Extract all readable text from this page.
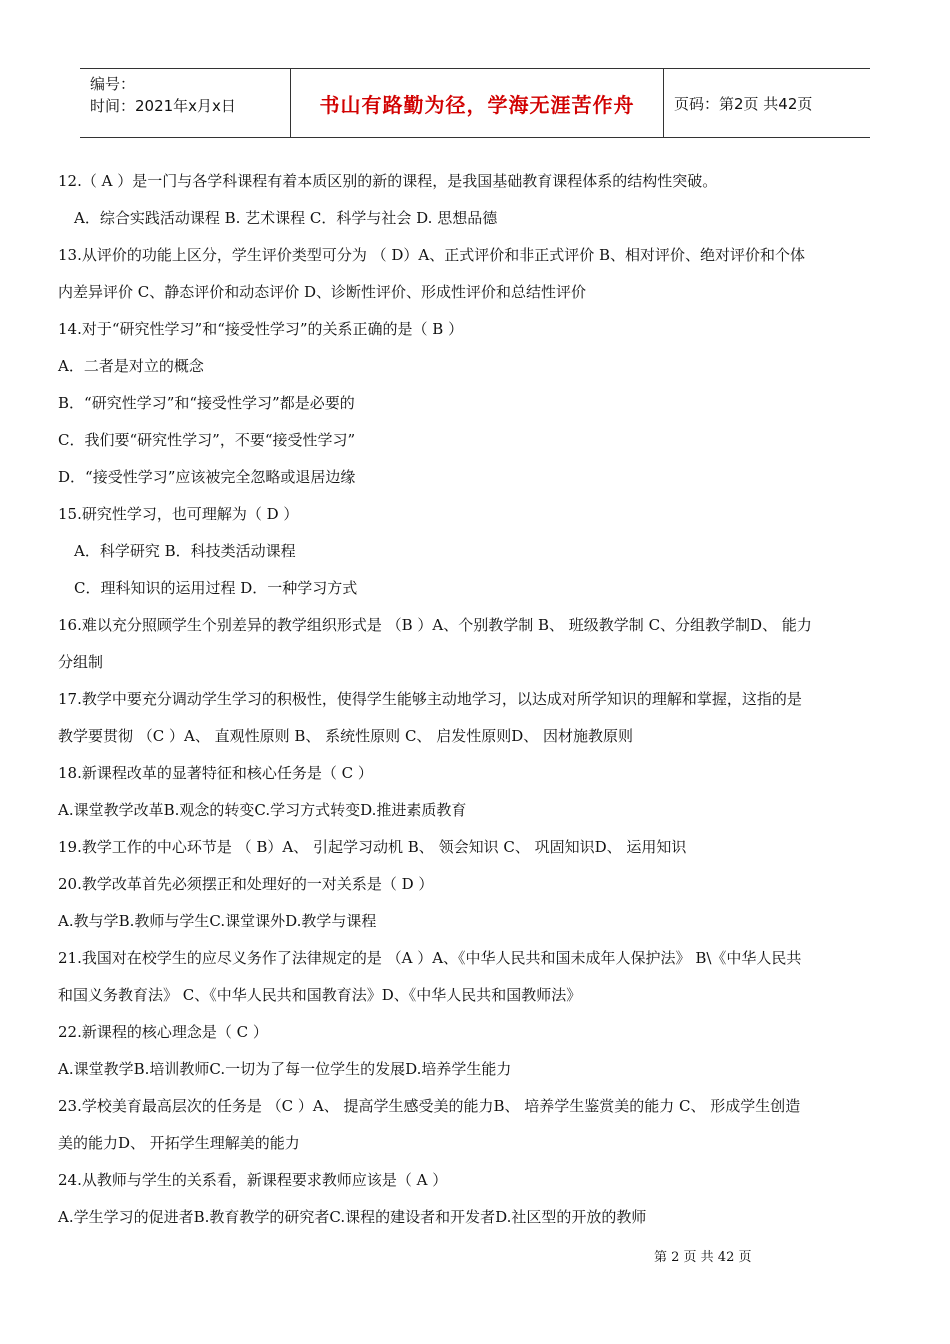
编号：
时间：2021年x月x日	书山有路勤为径，学海无涯苦作舟	页码：第2页 共42页
12.（ A ）是一门与各学科课程有着本质区别的新的课程，是我国基础教育课程体系的结构性突破。
A．综合实践活动课程 B. 艺术课程 C．科学与社会 D. 思想品德
13.从评价的功能上区分，学生评价类型可分为 （ D）A、正式评价和非正式评价 B、相对评价、绝对评价和个体
内差异评价 C、静态评价和动态评价 D、诊断性评价、形成性评价和总结性评价
14.对于“研究性学习”和“接受性学习”的关系正确的是（ B ）
A．二者是对立的概念
B．“研究性学习”和“接受性学习”都是必要的
C．我们要“研究性学习”，不要“接受性学习”
D．“接受性学习”应该被完全忽略或退居边缘
15.研究性学习，也可理解为（ D ）
A．科学研究 B．科技类活动课程
C．理科知识的运用过程 D．一种学习方式
16.难以充分照顾学生个别差异的教学组织形式是 （B ）A、个别教学制 B、 班级教学制 C、分组教学制D、 能力
分组制
17.教学中要充分调动学生学习的积极性，使得学生能够主动地学习，以达成对所学知识的理解和掌握，这指的是
教学要贯彻 （C ）A、 直观性原则 B、 系统性原则 C、 启发性原则D、 因材施教原则
18.新课程改革的显著特征和核心任务是（ C ）
A.课堂教学改革B.观念的转变C.学习方式转变D.推进素质教育
19.教学工作的中心环节是 （ B）A、 引起学习动机 B、 领会知识 C、 巩固知识D、 运用知识
20.教学改革首先必须摆正和处理好的一对关系是（ D ）
A.教与学B.教师与学生C.课堂课外D.教学与课程
21.我国对在校学生的应尽义务作了法律规定的是 （A ）A、《中华人民共和国未成年人保护法》 B\《中华人民共
和国义务教育法》 C、《中华人民共和国教育法》D、《中华人民共和国教师法》
22.新课程的核心理念是（ C ）
A.课堂教学B.培训教师C.一切为了每一位学生的发展D.培养学生能力
23.学校美育最高层次的任务是 （C ）A、 提高学生感受美的能力B、 培养学生鉴赏美的能力 C、 形成学生创造
美的能力D、 开拓学生理解美的能力
24.从教师与学生的关系看，新课程要求教师应该是（ A ）
A.学生学习的促进者B.教育教学的研究者C.课程的建设者和开发者D.社区型的开放的教师
第 2 页 共 42 页
